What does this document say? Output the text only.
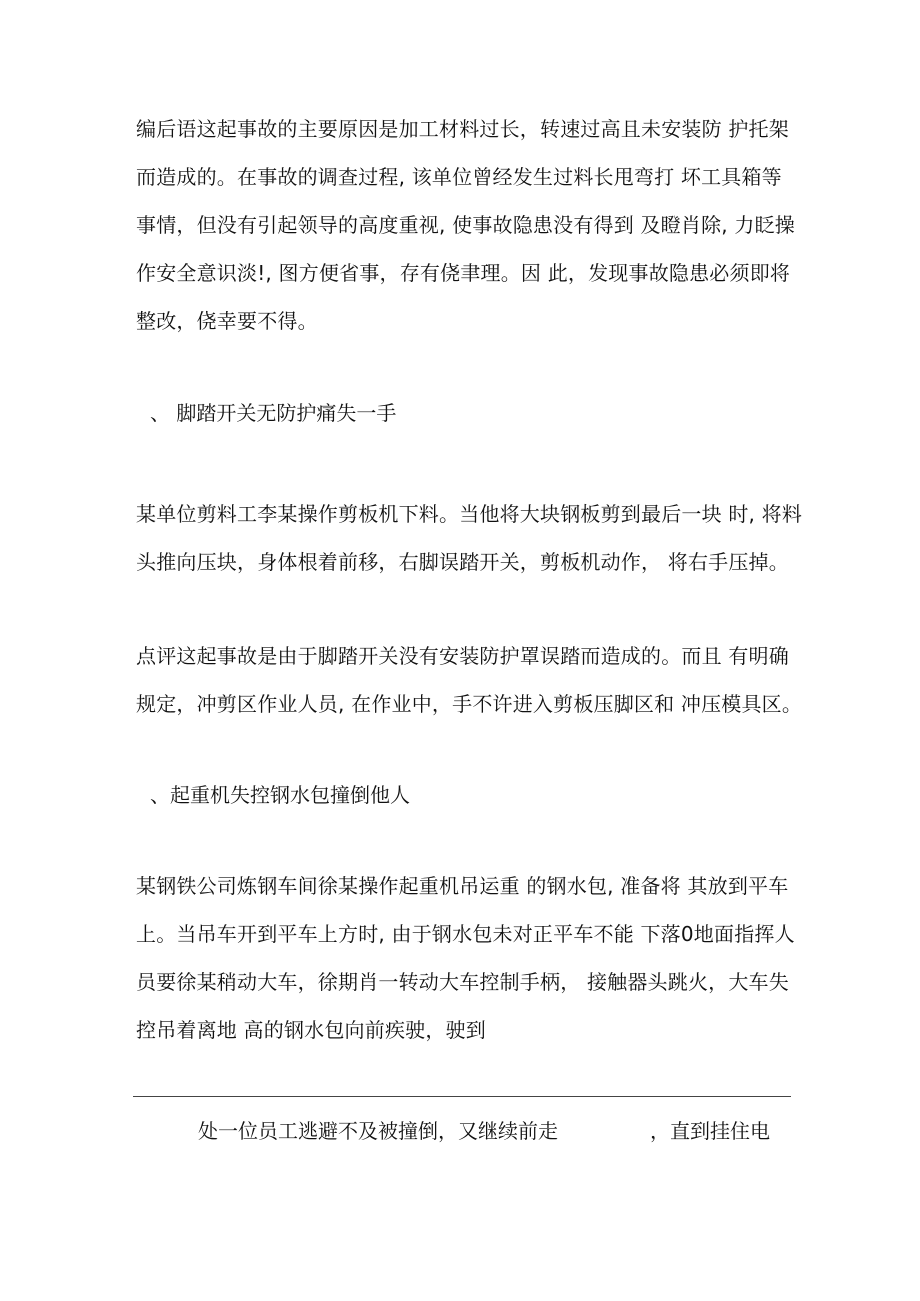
编后语这起事故的主要原因是加工材料过长，转速过高且未安装防 护托架
而造成的。在事故的调查过程, 该单位曾经发生过料长甩弯打 坏工具箱等
事情，但没有引起领导的高度重视, 使事故隐患没有得到 及瞪肖除, 力眨操
作安全意识淡!, 图方便省事，存有侥聿理。因 此，发现事故隐患必须即将
整改，侥幸要不得。
、 脚踏开关无防护痛失一手
某单位剪料工李某操作剪板机下料。当他将大块钢板剪到最后一块 时, 将料
头推向压块，身体根着前移，右脚误踏开关，剪板机动作， 将右手压掉。
点评这起事故是由于脚踏开关没有安装防护罩误踏而造成的。而且 有明确
规定，冲剪区作业人员, 在作业中，手不许进入剪板压脚区和 冲压模具区。
、起重机失控钢水包撞倒他人
某钢铁公司炼钢车间徐某操作起重机吊运重 的钢水包, 准备将 其放到平车
上。当吊车开到平车上方时, 由于钢水包未对正平车不能 下落0地面指挥人
员要徐某稍动大车，徐期肖一转动大车控制手柄， 接触器头跳火，大车失
控吊着离地 高的钢水包向前疾驶，驶到
处一位员工逃避不及被撞倒，又继续前走	，直到挂住电
